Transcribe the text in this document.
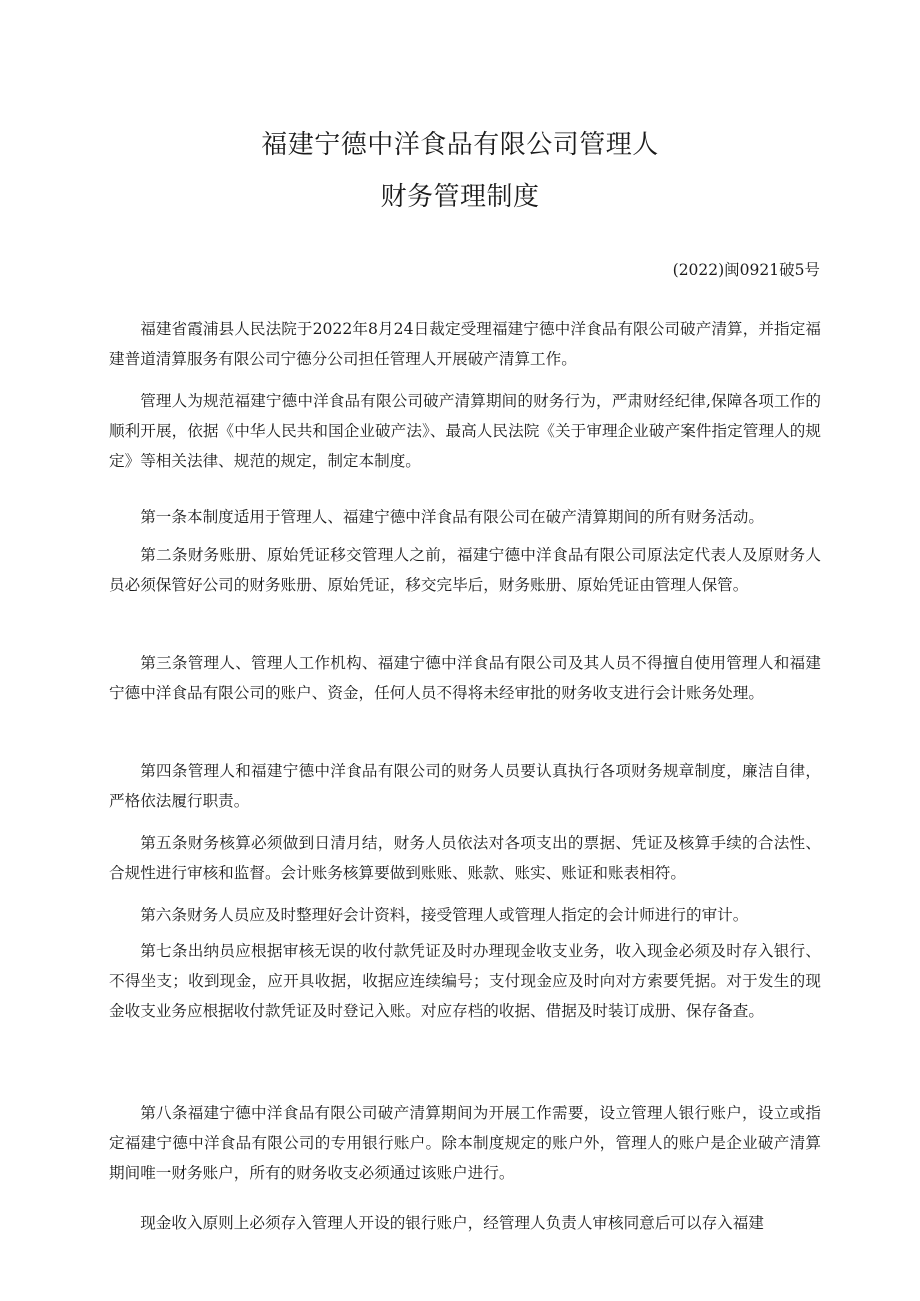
福建宁德中洋食品有限公司管理人
财务管理制度
(2022)闽0921破5号

福建省霞浦县人民法院于2022年8月24日裁定受理福建宁德中洋食品有限公司破产清算，并指定福建普道清算服务有限公司宁德分公司担任管理人开展破产清算工作。

管理人为规范福建宁德中洋食品有限公司破产清算期间的财务行为，严肃财经纪律,保障各项工作的顺利开展，依据《中华人民共和国企业破产法》、最高人民法院《关于审理企业破产案件指定管理人的规定》等相关法律、规范的规定，制定本制度。

第一条本制度适用于管理人、福建宁德中洋食品有限公司在破产清算期间的所有财务活动。

第二条财务账册、原始凭证移交管理人之前，福建宁德中洋食品有限公司原法定代表人及原财务人员必须保管好公司的财务账册、原始凭证，移交完毕后，财务账册、原始凭证由管理人保管。

第三条管理人、管理人工作机构、福建宁德中洋食品有限公司及其人员不得擅自使用管理人和福建宁德中洋食品有限公司的账户、资金，任何人员不得将未经审批的财务收支进行会计账务处理。

第四条管理人和福建宁德中洋食品有限公司的财务人员要认真执行各项财务规章制度，廉洁自律，严格依法履行职责。

第五条财务核算必须做到日清月结，财务人员依法对各项支出的票据、凭证及核算手续的合法性、合规性进行审核和监督。会计账务核算要做到账账、账款、账实、账证和账表相符。

第六条财务人员应及时整理好会计资料，接受管理人或管理人指定的会计师进行的审计。

第七条出纳员应根据审核无误的收付款凭证及时办理现金收支业务，收入现金必须及时存入银行、不得坐支；收到现金，应开具收据，收据应连续编号；支付现金应及时向对方索要凭据。对于发生的现金收支业务应根据收付款凭证及时登记入账。对应存档的收据、借据及时装订成册、保存备查。

第八条福建宁德中洋食品有限公司破产清算期间为开展工作需要，设立管理人银行账户，设立或指定福建宁德中洋食品有限公司的专用银行账户。除本制度规定的账户外，管理人的账户是企业破产清算期间唯一财务账户，所有的财务收支必须通过该账户进行。

现金收入原则上必须存入管理人开设的银行账户，经管理人负责人审核同意后可以存入福建
